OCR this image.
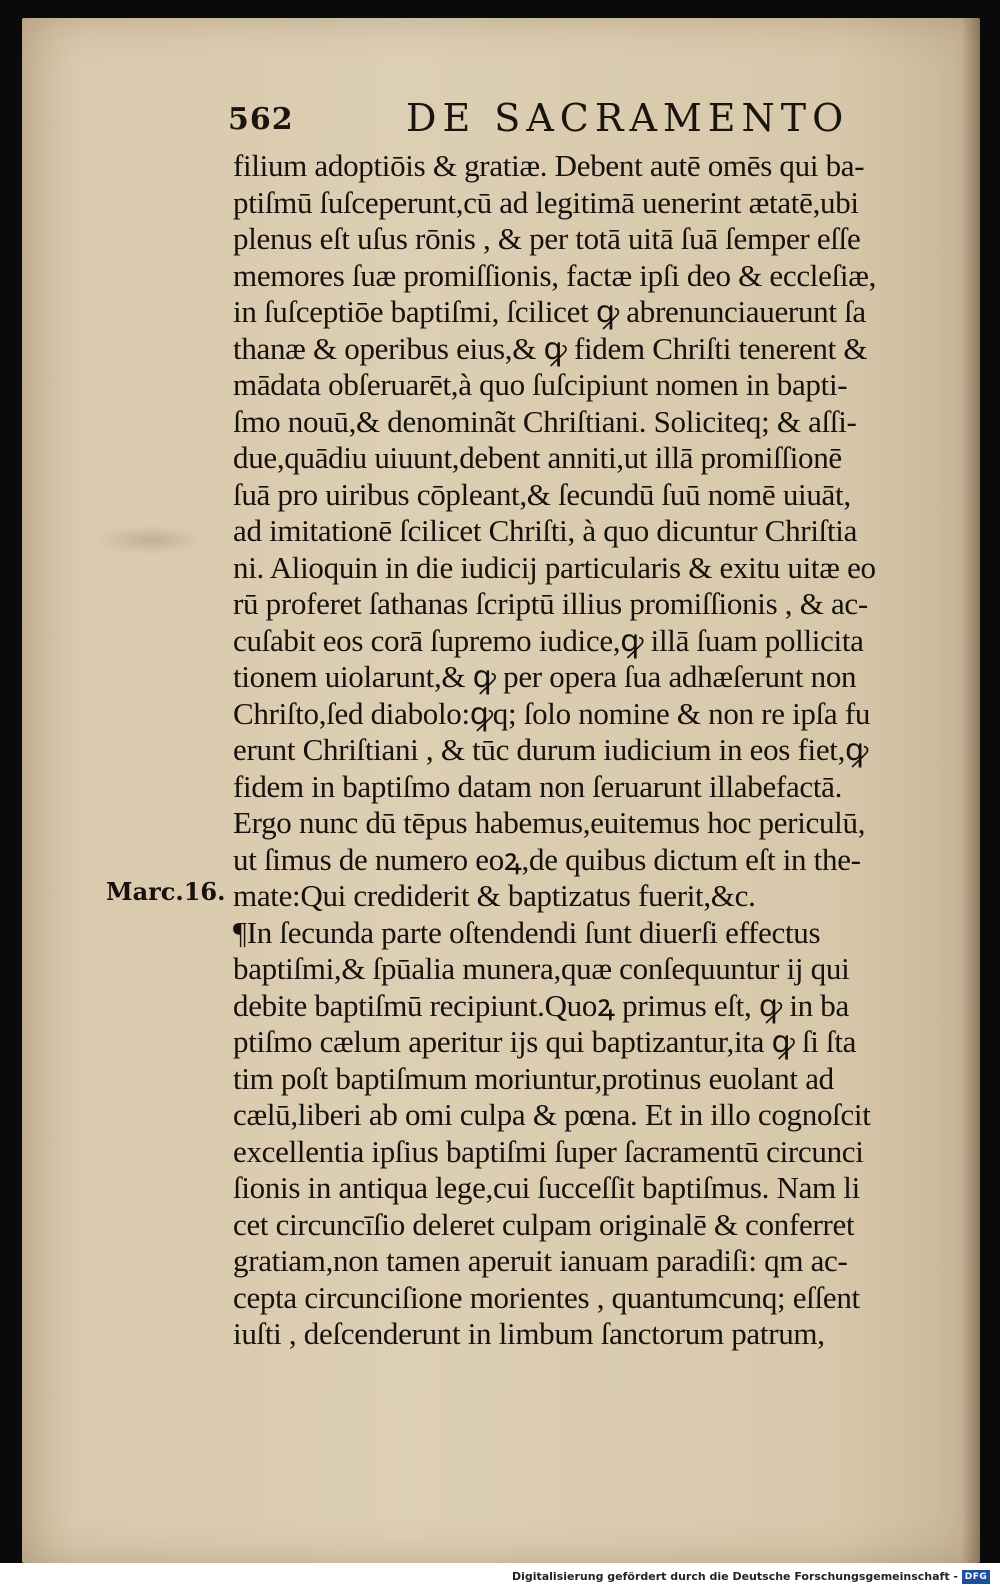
562	DE SACRAMENTO
Marc.16.
filium adoptiōis & gratiæ. Debent autē omēs qui ba-
ptiſmū ſuſceperunt,cū ad legitimā uenerint ætatē,ubi
plenus eſt uſus rōnis , & per totā uitā ſuā ſemper eſſe
memores ſuæ promiſſionis, factæ ipſi deo & eccleſiæ,
in ſuſceptiōe baptiſmi, ſcilicet ꝙ abrenunciauerunt ſa
thanæ & operibus eius,& ꝙ fidem Chriſti tenerent &
mādata obſeruarēt,à quo ſuſcipiunt nomen in bapti-
ſmo nouū,& denominãt Chriſtiani. Soliciteq; & aſſi-
due,quādiu uiuunt,debent anniti,ut illā promiſſionē
ſuā pro uiribus cōpleant,& ſecundū ſuū nomē uiuāt,
ad imitationē ſcilicet Chriſti, à quo dicuntur Chriſtia
ni. Alioquin in die iudicij particularis & exitu uitæ eo
rū proferet ſathanas ſcriptū illius promiſſionis , & ac-
cuſabit eos corā ſupremo iudice,ꝙ illā ſuam pollicita
tionem uiolarunt,& ꝙ per opera ſua adhæſerunt non
Chriſto,ſed diabolo:ꝙq; ſolo nomine & non re ipſa fu
erunt Chriſtiani , & tūc durum iudicium in eos fiet,ꝙ
fidem in baptiſmo datam non ſeruarunt illabefactā.
Ergo nunc dū tēpus habemus,euitemus hoc periculū,
ut ſimus de numero eoꝝ,de quibus dictum eſt in the-
mate:Qui crediderit & baptizatus fuerit,&c.
¶In ſecunda parte oſtendendi ſunt diuerſi effectus
baptiſmi,& ſpūalia munera,quæ conſequuntur ij qui
debite baptiſmū recipiunt.Quoꝝ primus eſt, ꝙ in ba
ptiſmo cælum aperitur ijs qui baptizantur,ita ꝙ ſi ſta
tim poſt baptiſmum moriuntur,protinus euolant ad
cælū,liberi ab omi culpa & pœna. Et in illo cognoſcit
excellentia ipſius baptiſmi ſuper ſacramentū circunci
ſionis in antiqua lege,cui ſucceſſit baptiſmus. Nam li
cet circuncīſio deleret culpam originalē & conferret
gratiam,non tamen aperuit ianuam paradiſi: qm ac-
cepta circunciſione morientes , quantumcunq; eſſent
iuſti , deſcenderunt in limbum ſanctorum patrum,
Digitalisierung gefördert durch die Deutsche Forschungsgemeinschaft - DFG
